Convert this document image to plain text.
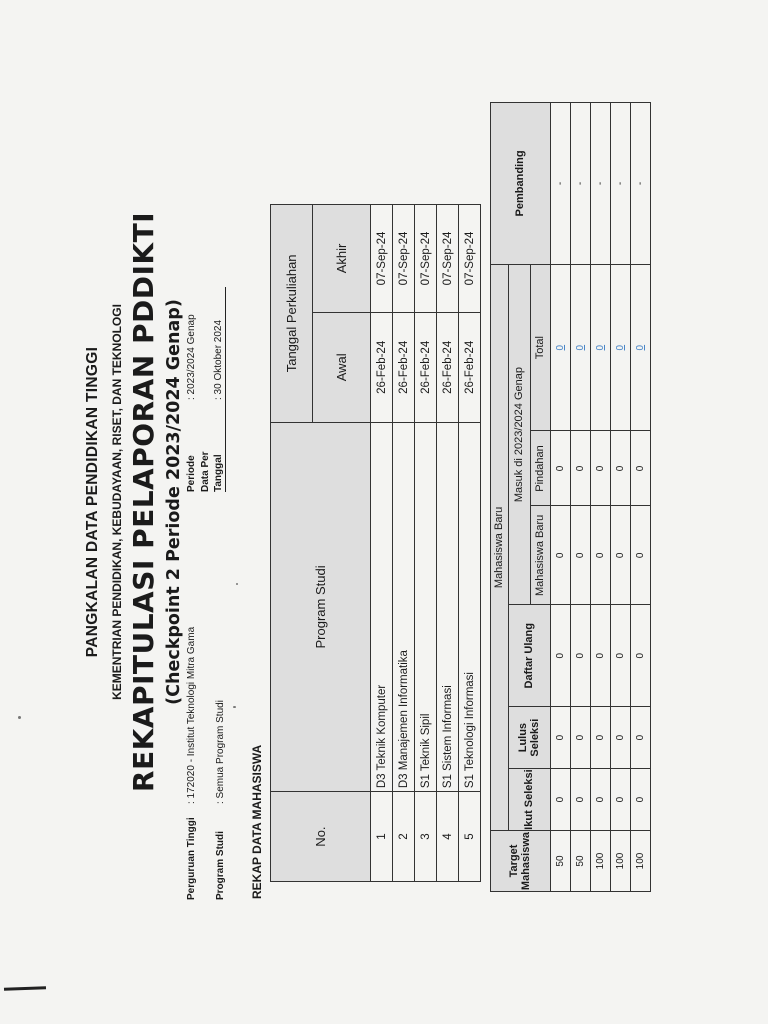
PANGKALAN DATA PENDIDIKAN TINGGI KEMENTRIAN PENDIDIKAN, KEBUDAYAAN, RISET, DAN TEKNOLOGI REKAPITULASI PELAPORAN PDDIKTI (Checkpoint 2 Periode 2023/2024 Genap)
Perguruan Tinggi
: 172020 - Institut Teknologi Mitra Gama
Program Studi
: Semua Program Studi
Periode
: 2023/2024 Genap
Data Per Tanggal
: 30 Oktober 2024
REKAP DATA MAHASISWA	No.	Program Studi	Tanggal Perkuliahan	
		Awal	Akhir
1	D3 Teknik Komputer	26-Feb-24	07-Sep-24
2	D3 Manajemen Informatika	26-Feb-24	07-Sep-24
3	S1 Teknik Sipil	26-Feb-24	07-Sep-24
4	S1 Sistem Informasi	26-Feb-24	07-Sep-24
5	S1 Teknologi Informasi	26-Feb-24	07-Sep-24
Target Mahasiswa	Mahasiswa Baru						Pembanding
	Ikut Seleksi	Lulus Seleksi	Daftar Ulang	Masuk di 2023/2024 Genap			
				Mahasiswa Baru	Pindahan	Total	
50	0	0	0	0	0	0	-
50	0	0	0	0	0	0	-
100	0	0	0	0	0	0	-
100	0	0	0	0	0	0	-
100	0	0	0	0	0	0	-
